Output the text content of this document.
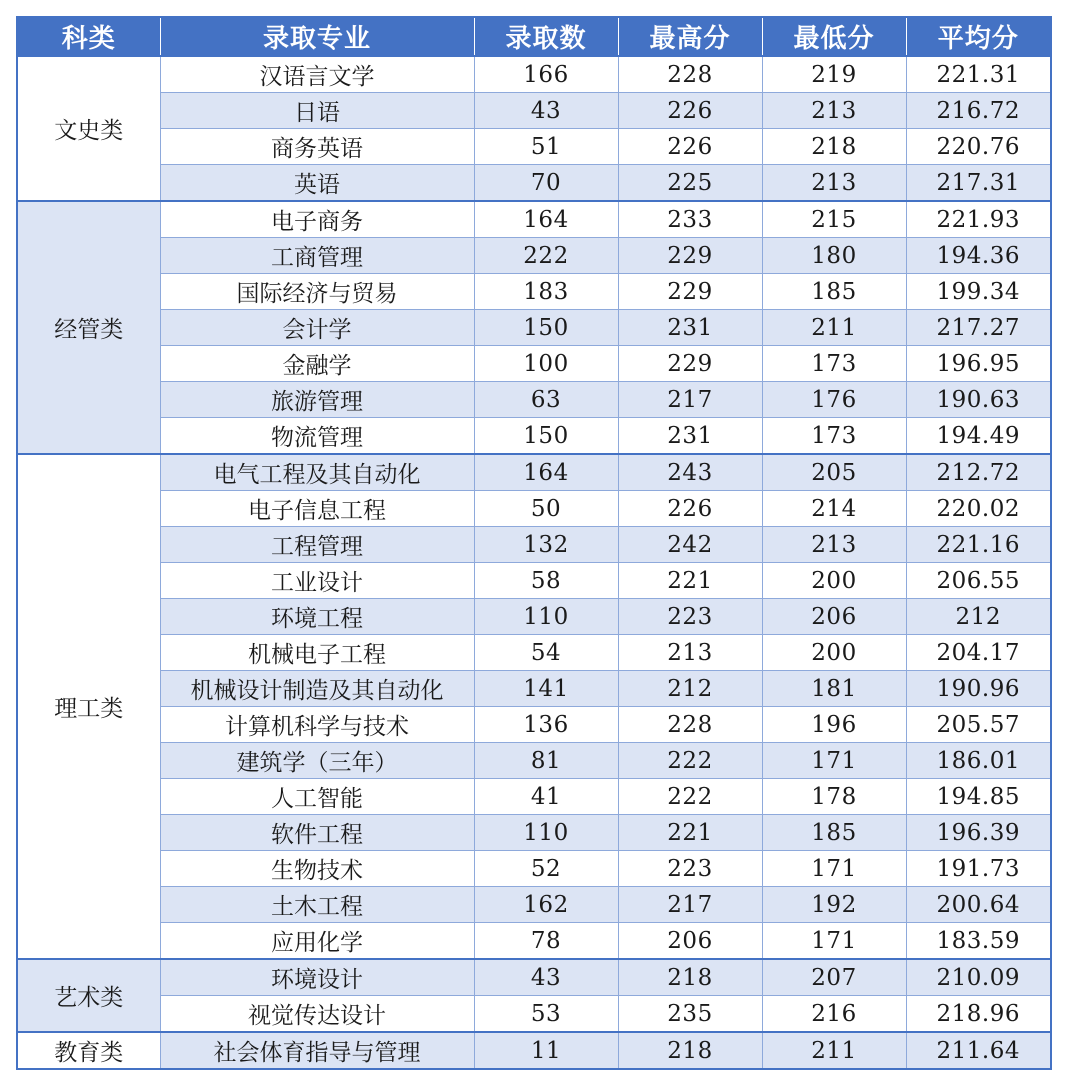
科类	录取专业	录取数	最高分	最低分	平均分
文史类	汉语言文学	166	228	219	221.31
	日语	43	226	213	216.72
	商务英语	51	226	218	220.76
	英语	70	225	213	217.31
经管类	电子商务	164	233	215	221.93
	工商管理	222	229	180	194.36
	国际经济与贸易	183	229	185	199.34
	会计学	150	231	211	217.27
	金融学	100	229	173	196.95
	旅游管理	63	217	176	190.63
	物流管理	150	231	173	194.49
理工类	电气工程及其自动化	164	243	205	212.72
	电子信息工程	50	226	214	220.02
	工程管理	132	242	213	221.16
	工业设计	58	221	200	206.55
	环境工程	110	223	206	212
	机械电子工程	54	213	200	204.17
	机械设计制造及其自动化	141	212	181	190.96
	计算机科学与技术	136	228	196	205.57
	建筑学（三年）	81	222	171	186.01
	人工智能	41	222	178	194.85
	软件工程	110	221	185	196.39
	生物技术	52	223	171	191.73
	土木工程	162	217	192	200.64
	应用化学	78	206	171	183.59
艺术类	环境设计	43	218	207	210.09
	视觉传达设计	53	235	216	218.96
教育类	社会体育指导与管理	11	218	211	211.64
